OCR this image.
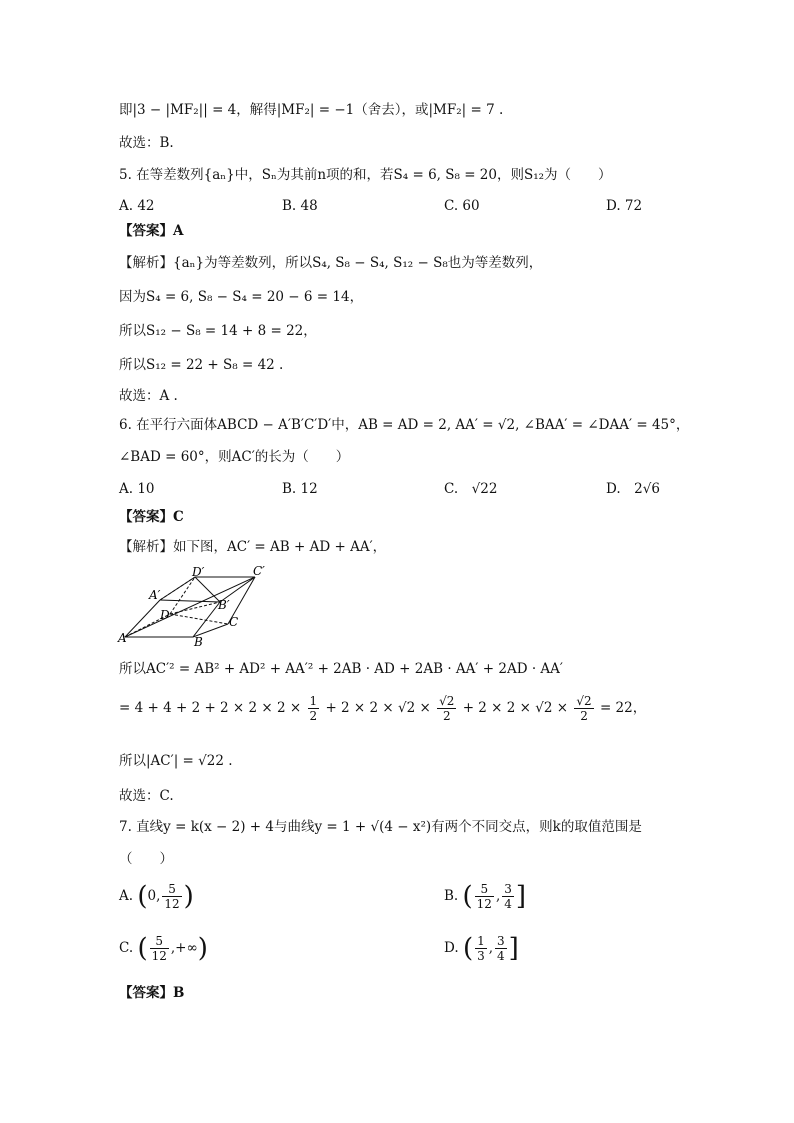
即|3 − |MF₂|| = 4，解得|MF₂| = −1（舍去），或|MF₂| = 7 .
故选：B.
5. 在等差数列{aₙ}中，Sₙ为其前n项的和，若S₄ = 6, S₈ = 20，则S₁₂为（　　）
A. 42	B. 48	C. 60	D. 72
【答案】A
【解析】{aₙ}为等差数列，所以S₄, S₈ − S₄, S₁₂ − S₈也为等差数列，
因为S₄ = 6, S₈ − S₄ = 20 − 6 = 14，
所以S₁₂ − S₈ = 14 + 8 = 22，
所以S₁₂ = 22 + S₈ = 42 .
故选：A .
6. 在平行六面体ABCD − A′B′C′D′中，AB = AD = 2, AA′ = √2, ∠BAA′ = ∠DAA′ = 45°，
∠BAD = 60°，则AC′的长为（　　）
A. 10	B. 12	C.　√22	D.　2√6
【答案】C
【解析】如下图，AC′ = AB + AD + AA′，
D′	C′
A′
B′
D	C
A	B
所以AC′² = AB² + AD² + AA′² + 2AB · AD + 2AB · AA′ + 2AD · AA′
= $4 + 4 + 2 + 2 \times 2 \times 2 \times \frac{1}{2} + 2 \times 2 \times √2 \times \frac{√2}{2} + 2 \times 2 \times √2 \times \frac{√2}{2} = 22$，
所以|AC′| = √22 .
故选：C.
7. 直线y = k(x − 2) + 4与曲线y = 1 + √(4 − x²)有两个不同交点，则k的取值范围是
（　　）
A. (0, $\frac{5}{12}$ )	B. ( $\frac{5}{12}$ , $\frac{3}{4}$ ]
C. ( $\frac{5}{12}$ ,+∞)	D. ( $\frac{1}{3}$ , $\frac{3}{4}$ ]
【答案】B
